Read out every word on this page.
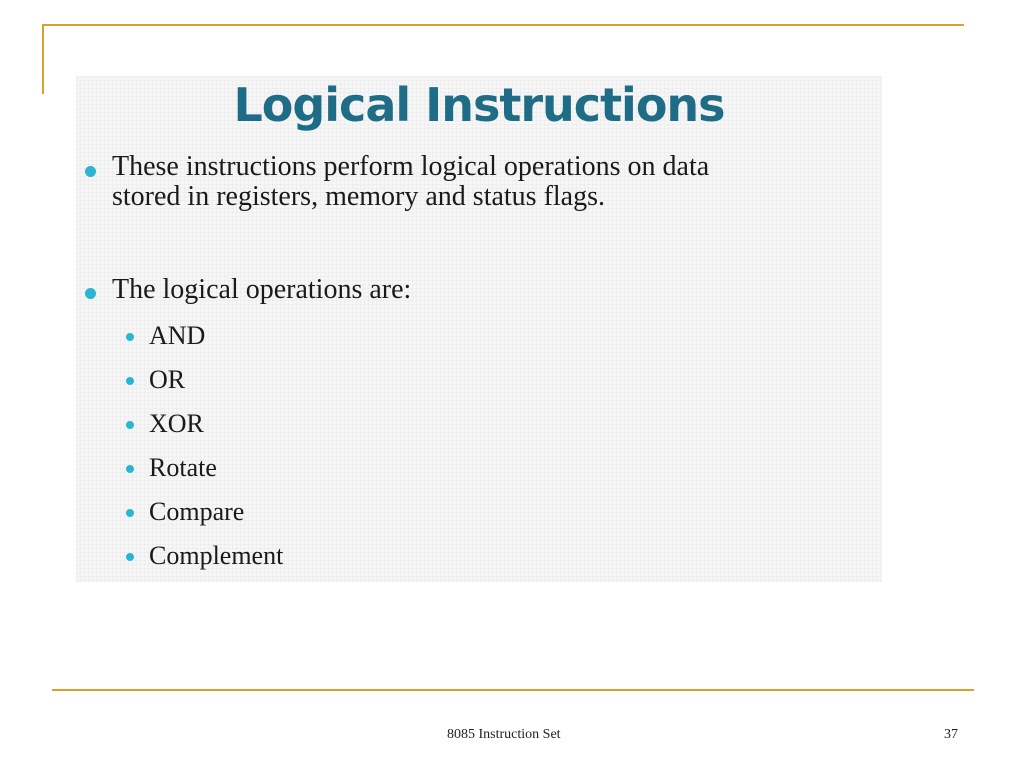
Logical Instructions
These instructions perform logical operations on data
stored in registers, memory and status flags.
The logical operations are:
AND
OR
XOR
Rotate
Compare
Complement
8085 Instruction Set	37
